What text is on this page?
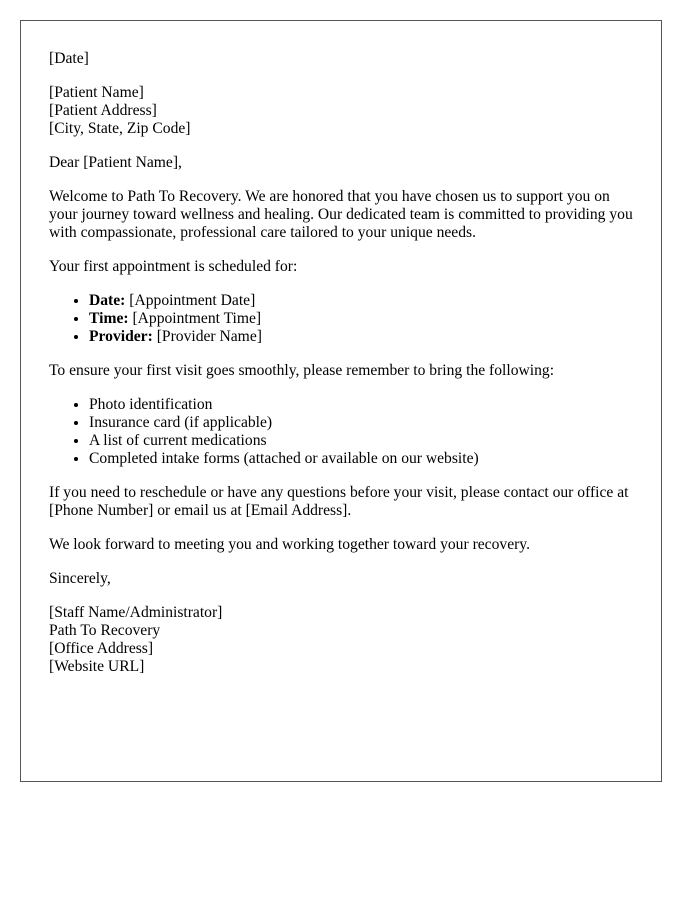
[Date]

[Patient Name]
[Patient Address]
[City, State, Zip Code]

Dear [Patient Name],

Welcome to Path To Recovery. We are honored that you have chosen us to support you on your journey toward wellness and healing. Our dedicated team is committed to providing you with compassionate, professional care tailored to your unique needs.

Your first appointment is scheduled for:

• Date: [Appointment Date]
• Time: [Appointment Time]
• Provider: [Provider Name]

To ensure your first visit goes smoothly, please remember to bring the following:

• Photo identification
• Insurance card (if applicable)
• A list of current medications
• Completed intake forms (attached or available on our website)

If you need to reschedule or have any questions before your visit, please contact our office at [Phone Number] or email us at [Email Address].

We look forward to meeting you and working together toward your recovery.

Sincerely,

[Staff Name/Administrator]
Path To Recovery
[Office Address]
[Website URL]
